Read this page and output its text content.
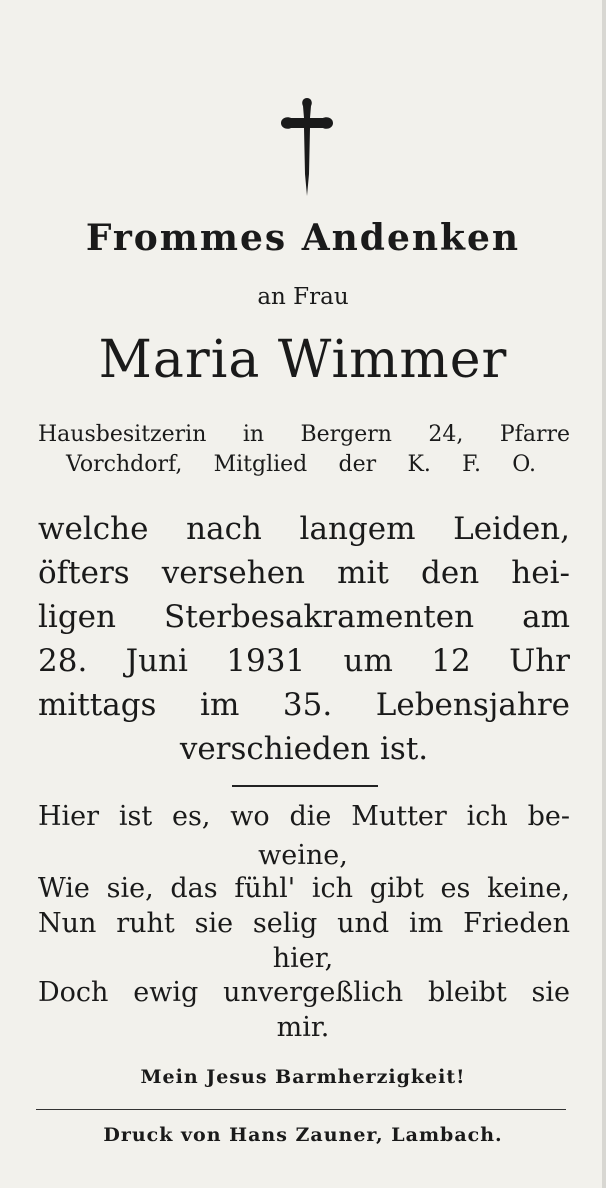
Frommes Andenken
an Frau
Maria Wimmer
Hausbesitzerin in Bergern 24, Pfarre
Vorchdorf, Mitglied der K. F. O.
welche nach langem Leiden,
öfters versehen mit den hei-
ligen Sterbesakramenten am
28. Juni 1931 um 12 Uhr
mittags im 35. Lebensjahre
verschieden ist.
Hier ist es, wo die Mutter ich be-
weine,
Wie sie, das fühl' ich gibt es keine,
Nun ruht sie selig und im Frieden
hier,
Doch ewig unvergeßlich bleibt sie
mir.
Mein Jesus Barmherzigkeit!
Druck von Hans Zauner, Lambach.
